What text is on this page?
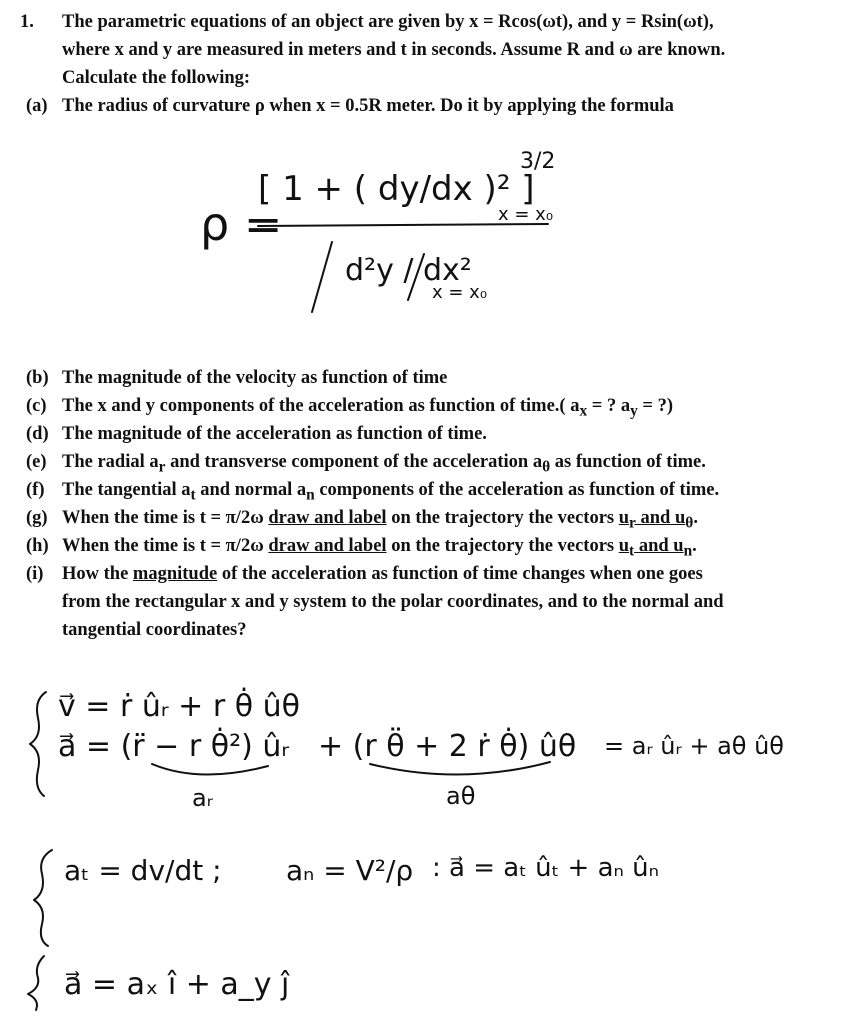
1. The parametric equations of an object are given by x = Rcos(ωt), and y = Rsin(ωt),
where x and y are measured in meters and t in seconds. Assume R and ω are known.
Calculate the following:
(a) The radius of curvature ρ when x = 0.5R meter. Do it by applying the formula
(b) The magnitude of the velocity as function of time
(c) The x and y components of the acceleration as function of time.( $a_x$ = ? $a_y$ = ?)
(d) The magnitude of the acceleration as function of time.
(e) The radial $a_r$ and transverse component of the acceleration $a_\theta$ as function of time.
(f) The tangential $a_t$ and normal $a_n$ components of the acceleration as function of time.
(g) When the time is t = π/2ω draw and label on the trajectory the vectors $u_r$ and $u_\theta$.
(h) When the time is t = π/2ω draw and label on the trajectory the vectors $u_t$ and $u_n$.
(i) How the magnitude of the acceleration as function of time changes when one goes
from the rectangular x and y system to the polar coordinates, and to the normal and
tangential coordinates?
ρ =
[ 1 + ( dy/dx )² ]
3/2
x = x₀
d²y / dx²
x = x₀
v⃗ = ṙ ûᵣ + r θ̇ ûθ
a⃗ = (r̈ − r θ̇²) ûᵣ + (r θ̈ + 2 ṙ θ̇) ûθ = aᵣ ûᵣ + aθ ûθ
aᵣ	aθ
aₜ = dv/dt ; aₙ = V²/ρ : a⃗ = aₜ ûₜ + aₙ ûₙ
a⃗ = aₓ î + a_y ĵ
